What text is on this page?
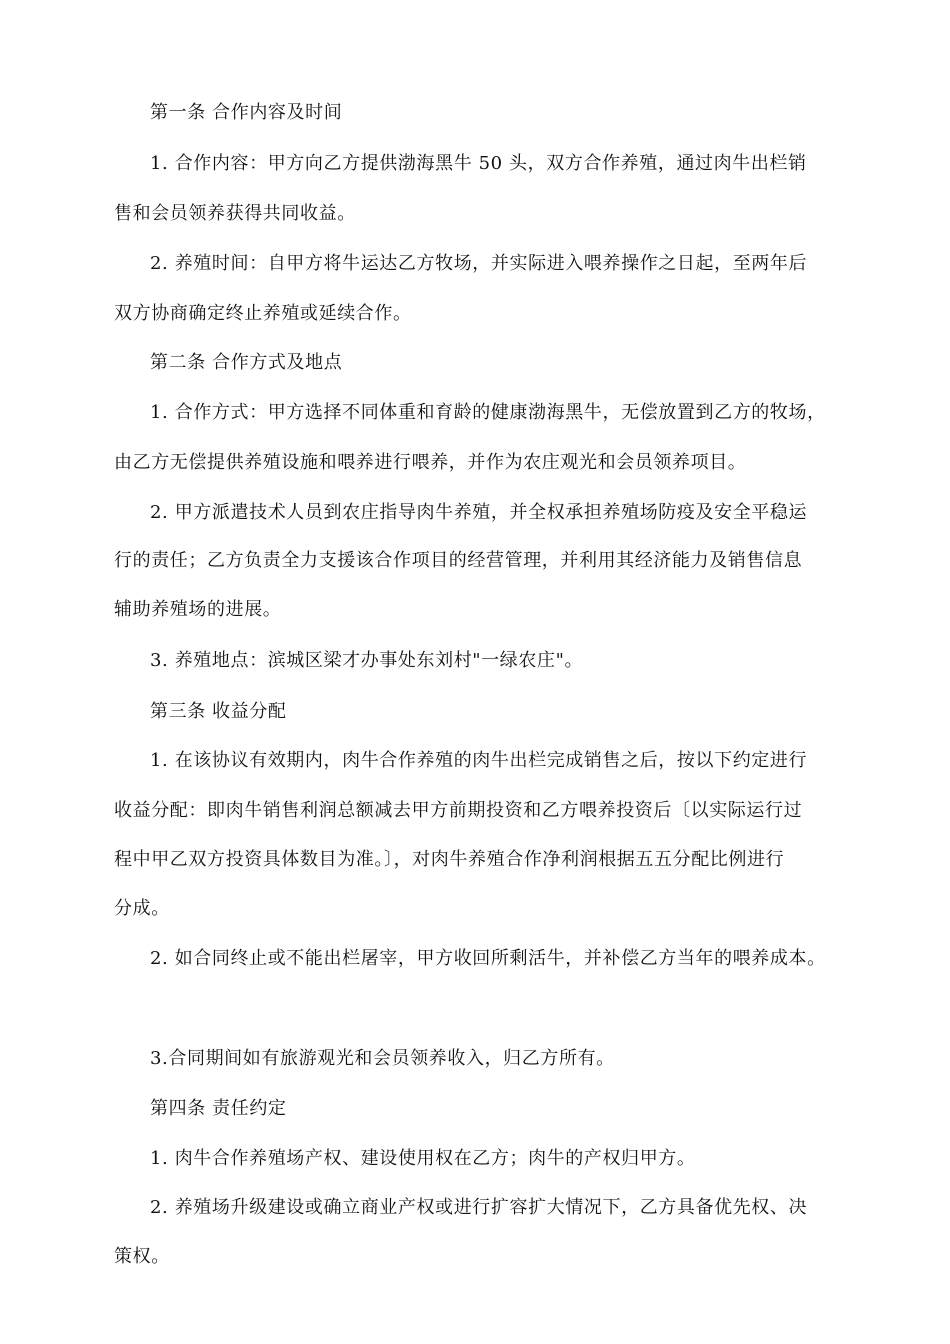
第一条 合作内容及时间
1. 合作内容：甲方向乙方提供渤海黑牛 50 头，双方合作养殖，通过肉牛出栏销
售和会员领养获得共同收益。
2. 养殖时间：自甲方将牛运达乙方牧场，并实际进入喂养操作之日起，至两年后
双方协商确定终止养殖或延续合作。
第二条 合作方式及地点
1. 合作方式：甲方选择不同体重和育龄的健康渤海黑牛，无偿放置到乙方的牧场，
由乙方无偿提供养殖设施和喂养进行喂养，并作为农庄观光和会员领养项目。
2. 甲方派遣技术人员到农庄指导肉牛养殖，并全权承担养殖场防疫及安全平稳运
行的责任；乙方负责全力支援该合作项目的经营管理，并利用其经济能力及销售信息
辅助养殖场的进展。
3. 养殖地点：滨城区梁才办事处东刘村"一绿农庄"。
第三条 收益分配
1. 在该协议有效期内，肉牛合作养殖的肉牛出栏完成销售之后，按以下约定进行
收益分配：即肉牛销售利润总额减去甲方前期投资和乙方喂养投资后〔以实际运行过
程中甲乙双方投资具体数目为准。〕，对肉牛养殖合作净利润根据五五分配比例进行
分成。
2. 如合同终止或不能出栏屠宰，甲方收回所剩活牛，并补偿乙方当年的喂养成本。
3.合同期间如有旅游观光和会员领养收入，归乙方所有。
第四条 责任约定
1. 肉牛合作养殖场产权、建设使用权在乙方；肉牛的产权归甲方。
2. 养殖场升级建设或确立商业产权或进行扩容扩大情况下，乙方具备优先权、决
策权。
